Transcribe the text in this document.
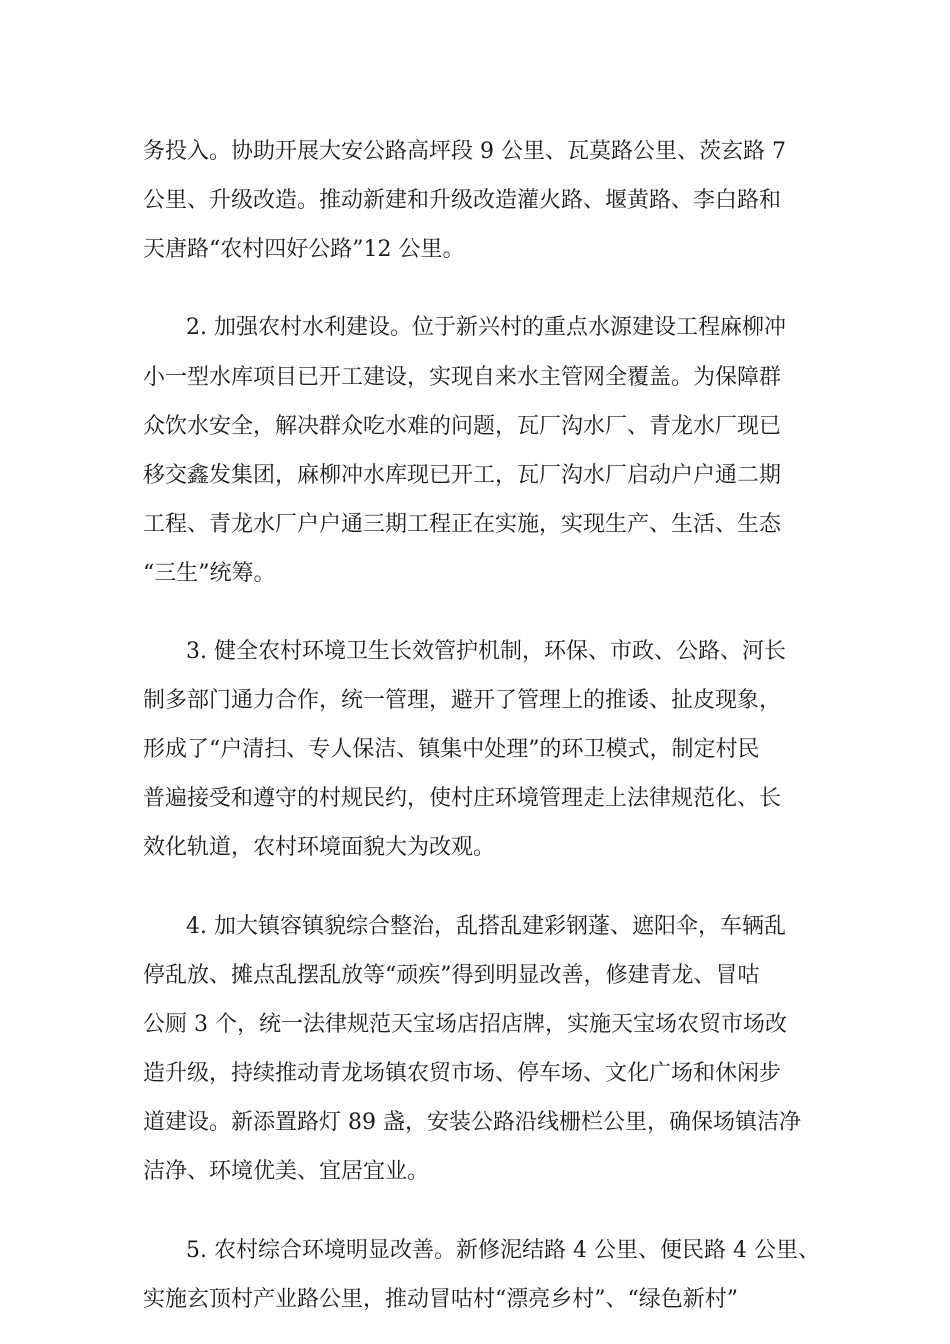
务投入。协助开展大安公路高坪段 9 公里、瓦莫路公里、茨玄路 7
公里、升级改造。推动新建和升级改造灌火路、堰黄路、李白路和
天唐路“农村四好公路”12 公里。
2. 加强农村水利建设。位于新兴村的重点水源建设工程麻柳冲
小一型水库项目已开工建设，实现自来水主管网全覆盖。为保障群
众饮水安全，解决群众吃水难的问题，瓦厂沟水厂、青龙水厂现已
移交鑫发集团，麻柳冲水库现已开工，瓦厂沟水厂启动户户通二期
工程、青龙水厂户户通三期工程正在实施，实现生产、生活、生态
“三生”统筹。
3. 健全农村环境卫生长效管护机制，环保、市政、公路、河长
制多部门通力合作，统一管理，避开了管理上的推诿、扯皮现象，
形成了“户清扫、专人保洁、镇集中处理”的环卫模式，制定村民
普遍接受和遵守的村规民约，使村庄环境管理走上法律规范化、长
效化轨道，农村环境面貌大为改观。
4. 加大镇容镇貌综合整治，乱搭乱建彩钢蓬、遮阳伞，车辆乱
停乱放、摊点乱摆乱放等“顽疾”得到明显改善，修建青龙、冒咕
公厕 3 个，统一法律规范天宝场店招店牌，实施天宝场农贸市场改
造升级，持续推动青龙场镇农贸市场、停车场、文化广场和休闲步
道建设。新添置路灯 89 盏，安装公路沿线栅栏公里，确保场镇洁净
洁净、环境优美、宜居宜业。
5. 农村综合环境明显改善。新修泥结路 4 公里、便民路 4 公里、
实施玄顶村产业路公里，推动冒咕村“漂亮乡村”、“绿色新村”
